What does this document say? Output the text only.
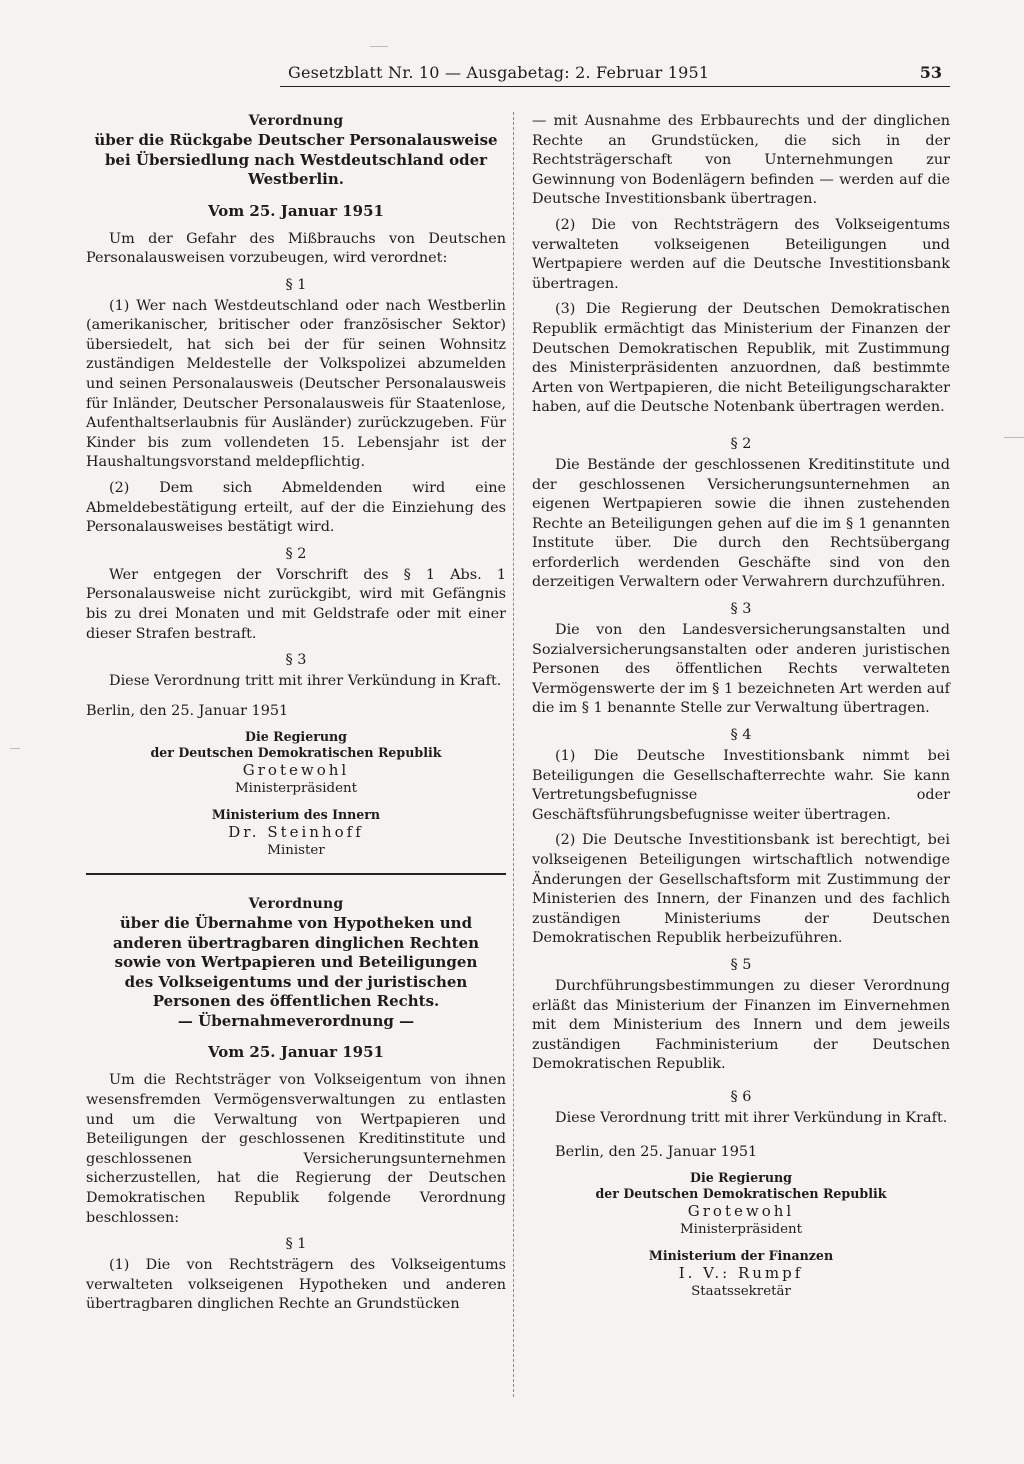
Gesetzblatt Nr. 10 — Ausgabetag: 2. Februar 1951	53
Verordnung
über die Rückgabe Deutscher Personalausweise
bei Übersiedlung nach Westdeutschland oder
Westberlin.
Vom 25. Januar 1951

Um der Gefahr des Mißbrauchs von Deutschen Personalausweisen vorzubeugen, wird verordnet:

§ 1

(1) Wer nach Westdeutschland oder nach Westberlin (amerikanischer, britischer oder französischer Sektor) übersiedelt, hat sich bei der für seinen Wohnsitz zuständigen Meldestelle der Volkspolizei abzumelden und seinen Personalausweis (Deutscher Personalausweis für Inländer, Deutscher Personalausweis für Staatenlose, Aufenthaltserlaubnis für Ausländer) zurückzugeben. Für Kinder bis zum vollendeten 15. Lebensjahr ist der Haushaltungsvorstand meldepflichtig.

(2) Dem sich Abmeldenden wird eine Abmeldebestätigung erteilt, auf der die Einziehung des Personalausweises bestätigt wird.

§ 2

Wer entgegen der Vorschrift des § 1 Abs. 1 Personalausweise nicht zurückgibt, wird mit Gefängnis bis zu drei Monaten und mit Geldstrafe oder mit einer dieser Strafen bestraft.

§ 3

Diese Verordnung tritt mit ihrer Verkündung in Kraft.

Berlin, den 25. Januar 1951

Die Regierung
der Deutschen Demokratischen Republik
Grotewohl
Ministerpräsident
Ministerium des Innern
Dr. Steinhoff
Minister
Verordnung
über die Übernahme von Hypotheken und
anderen übertragbaren dinglichen Rechten
sowie von Wertpapieren und Beteiligungen
des Volkseigentums und der juristischen
Personen des öffentlichen Rechts.
— Übernahmeverordnung —
Vom 25. Januar 1951

Um die Rechtsträger von Volkseigentum von ihnen wesensfremden Vermögensverwaltungen zu entlasten und um die Verwaltung von Wertpapieren und Beteiligungen der geschlossenen Kreditinstitute und geschlossenen Versicherungsunternehmen sicherzustellen, hat die Regierung der Deutschen Demokratischen Republik folgende Verordnung beschlossen:

§ 1

(1) Die von Rechtsträgern des Volkseigentums verwalteten volkseigenen Hypotheken und anderen übertragbaren dinglichen Rechte an Grundstücken

— mit Ausnahme des Erbbaurechts und der dinglichen Rechte an Grundstücken, die sich in der Rechtsträgerschaft von Unternehmungen zur Gewinnung von Bodenlägern befinden — werden auf die Deutsche Investitionsbank übertragen.

(2) Die von Rechtsträgern des Volkseigentums verwalteten volkseigenen Beteiligungen und Wertpapiere werden auf die Deutsche Investitionsbank übertragen.

(3) Die Regierung der Deutschen Demokratischen Republik ermächtigt das Ministerium der Finanzen der Deutschen Demokratischen Republik, mit Zustimmung des Ministerpräsidenten anzuordnen, daß bestimmte Arten von Wertpapieren, die nicht Beteiligungscharakter haben, auf die Deutsche Notenbank übertragen werden.

§ 2

Die Bestände der geschlossenen Kreditinstitute und der geschlossenen Versicherungsunternehmen an eigenen Wertpapieren sowie die ihnen zustehenden Rechte an Beteiligungen gehen auf die im § 1 genannten Institute über. Die durch den Rechtsübergang erforderlich werdenden Geschäfte sind von den derzeitigen Verwaltern oder Verwahrern durchzuführen.

§ 3

Die von den Landesversicherungsanstalten und Sozialversicherungsanstalten oder anderen juristischen Personen des öffentlichen Rechts verwalteten Vermögenswerte der im § 1 bezeichneten Art werden auf die im § 1 benannte Stelle zur Verwaltung übertragen.

§ 4

(1) Die Deutsche Investitionsbank nimmt bei Beteiligungen die Gesellschafterrechte wahr. Sie kann Vertretungsbefugnisse oder Geschäftsführungsbefugnisse weiter übertragen.

(2) Die Deutsche Investitionsbank ist berechtigt, bei volkseigenen Beteiligungen wirtschaftlich notwendige Änderungen der Gesellschaftsform mit Zustimmung der Ministerien des Innern, der Finanzen und des fachlich zuständigen Ministeriums der Deutschen Demokratischen Republik herbeizuführen.

§ 5

Durchführungsbestimmungen zu dieser Verordnung erläßt das Ministerium der Finanzen im Einvernehmen mit dem Ministerium des Innern und dem jeweils zuständigen Fachministerium der Deutschen Demokratischen Republik.

§ 6

Diese Verordnung tritt mit ihrer Verkündung in Kraft.

Berlin, den 25. Januar 1951

Die Regierung
der Deutschen Demokratischen Republik
Grotewohl
Ministerpräsident
Ministerium der Finanzen
I. V.: Rumpf
Staatssekretär
